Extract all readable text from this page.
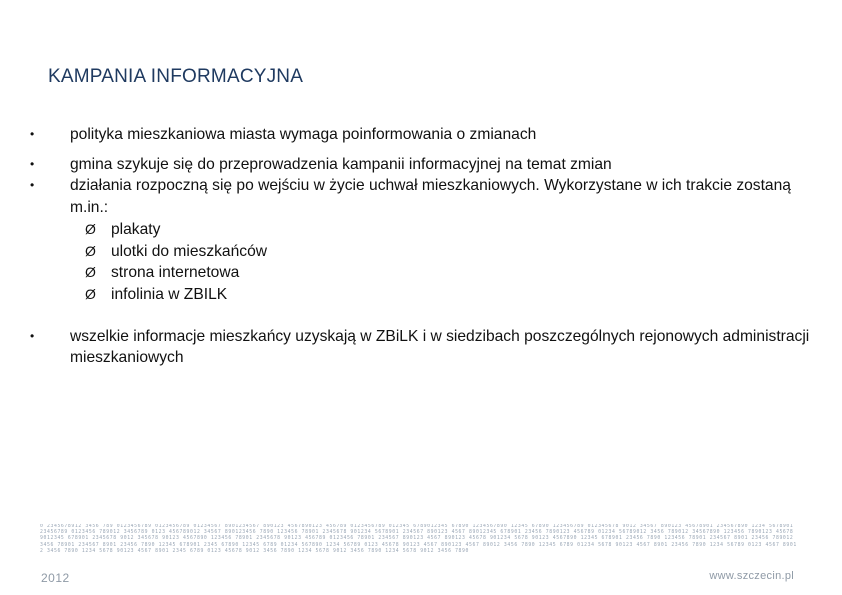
KAMPANIA INFORMACYJNA
• polityka mieszkaniowa miasta wymaga poinformowania o zmianach
• gmina szykuje się do przeprowadzenia kampanii informacyjnej na temat zmian
• działania rozpoczną się po wejściu w życie uchwał mieszkaniowych. Wykorzystane w ich trakcie zostaną m.in.:
Ø plakaty
Ø ulotki do mieszkańców
Ø strona internetowa
Ø infolinia w ZBILK
• wszelkie informacje mieszkańcy uzyskają w ZBiLK i w siedzibach poszczególnych rejonowych administracji mieszkaniowych
0 2345678912 3456 789 0123456789 0123456789 01234567 8901234567 890123 4567890123 456789 0123456789 012345 6789012345 67890 1234567890 12345 67890 123456789 012345678 9012 34567 890123 45678901 234567890 1234 5678901 23456789 0123456 789012 3456789 0123 456789012 34567 890123456 7890 123456 78901 2345678 901234 5678901 234567 890123 4567 89012345 678901 23456 7890123 456789 01234 56789012 3456 789012 34567890 123456 7890123 45678 9012345 678901 2345678 9012 345678 90123 4567890 123456 78901 2345678 90123 456789 0123456 78901 234567 890123 4567 890123 45678 901234 5678 90123 4567890 12345 678901 23456 7890 123456 78901 234567 8901 23456 789012 3456 78901 234567 8901 23456 7890 12345 678901 2345 67890 12345 6789 01234 567890 1234 56789 0123 45678 90123 4567 890123 4567 89012 3456 7890 12345 6789 01234 5678 90123 4567 8901 23456 7890 1234 56789 0123 4567 89012 3456 7890 1234 5678 90123 4567 8901 2345 6789 0123 45678 9012 3456 7890 1234 5678 9012 3456 7890 1234 5678 9012 3456 7890
2012	www.szczecin.pl
